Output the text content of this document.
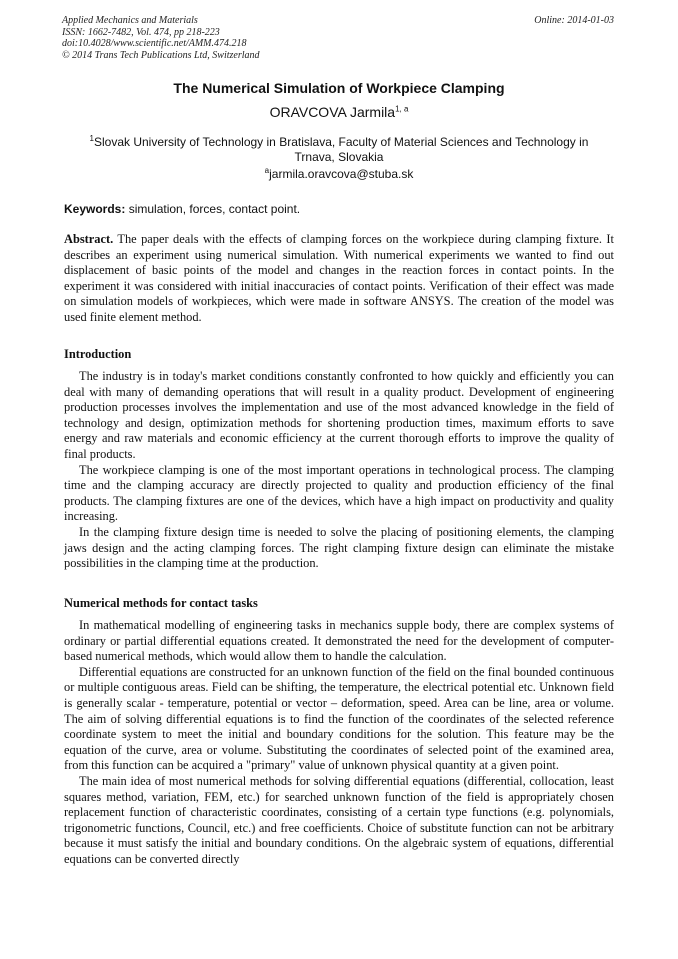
Applied Mechanics and Materials
ISSN: 1662-7482, Vol. 474, pp 218-223
doi:10.4028/www.scientific.net/AMM.474.218
© 2014 Trans Tech Publications Ltd, Switzerland
Online: 2014-01-03
The Numerical Simulation of Workpiece Clamping
ORAVCOVA Jarmila$^{1, a}$
$^1$Slovak University of Technology in Bratislava, Faculty of Material Sciences and Technology in Trnava, Slovakia
$^a$jarmila.oravcova@stuba.sk
Keywords: simulation, forces, contact point.

Abstract. The paper deals with the effects of clamping forces on the workpiece during clamping fixture. It describes an experiment using numerical simulation. With numerical experiments we wanted to find out displacement of basic points of the model and changes in the reaction forces in contact points. In the experiment it was considered with initial inaccuracies of contact points. Verification of their effect was made on simulation models of workpieces, which were made in software ANSYS. The creation of the model was used finite element method.

Introduction

The industry is in today's market conditions constantly confronted to how quickly and efficiently you can deal with many of demanding operations that will result in a quality product. Development of engineering production processes involves the implementation and use of the most advanced knowledge in the field of technology and design, optimization methods for shortening production times, maximum efforts to save energy and raw materials and economic efficiency at the current thorough efforts to improve the quality of final products.

The workpiece clamping is one of the most important operations in technological process. The clamping time and the clamping accuracy are directly projected to quality and production efficiency of the final products. The clamping fixtures are one of the devices, which have a high impact on productivity and quality increasing.

In the clamping fixture design time is needed to solve the placing of positioning elements, the clamping jaws design and the acting clamping forces. The right clamping fixture design can eliminate the mistake possibilities in the clamping time at the production.

Numerical methods for contact tasks

In mathematical modelling of engineering tasks in mechanics supple body, there are complex systems of ordinary or partial differential equations created. It demonstrated the need for the development of computer-based numerical methods, which would allow them to handle the calculation.

Differential equations are constructed for an unknown function of the field on the final bounded continuous or multiple contiguous areas. Field can be shifting, the temperature, the electrical potential etc. Unknown field is generally scalar - temperature, potential or vector – deformation, speed. Area can be line, area or volume. The aim of solving differential equations is to find the function of the coordinates of the selected reference coordinate system to meet the initial and boundary conditions for the solution. This feature may be the equation of the curve, area or volume. Substituting the coordinates of selected point of the examined area, from this function can be acquired a "primary" value of unknown physical quantity at a given point.

The main idea of most numerical methods for solving differential equations (differential, collocation, least squares method, variation, FEM, etc.) for searched unknown function of the field is appropriately chosen replacement function of characteristic coordinates, consisting of a certain type functions (e.g. polynomials, trigonometric functions, Council, etc.) and free coefficients. Choice of substitute function can not be arbitrary because it must satisfy the initial and boundary conditions. On the algebraic system of equations, differential equations can be converted directly
